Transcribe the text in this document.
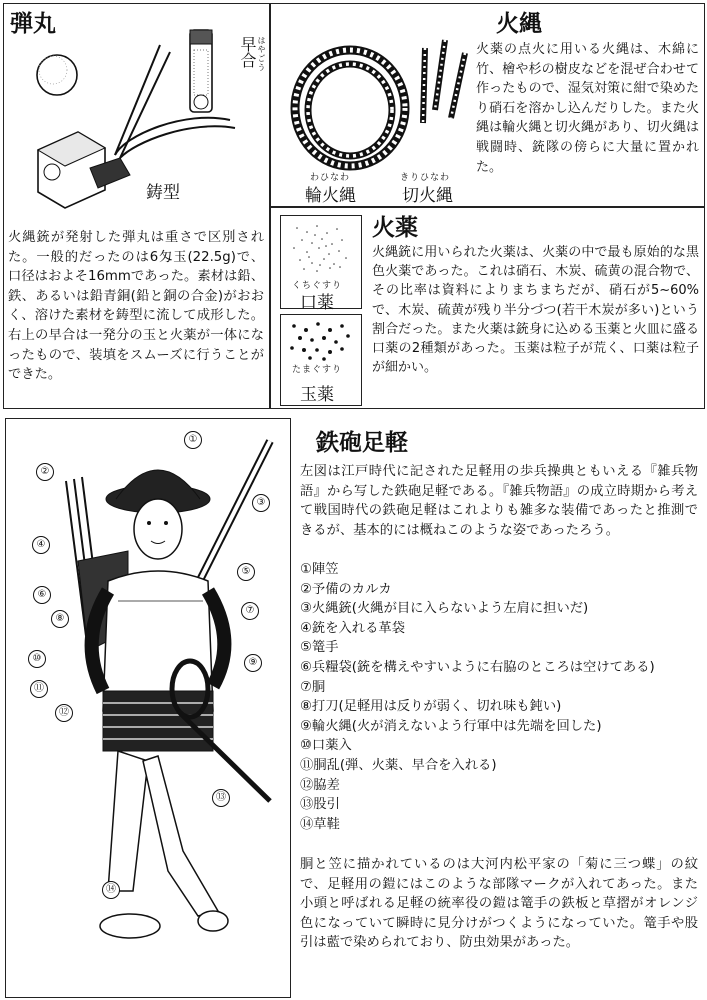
弾丸
早合 はやごう
鋳型
火縄銃が発射した弾丸は重さで区別された。一般的だったのは6匁玉(22.5g)で、口径はおよそ16mmであった。素材は鉛、鉄、あるいは鉛青銅(鉛と銅の合金)がおおく、溶けた素材を鋳型に流して成形した。右上の早合は一発分の玉と火薬が一体になったもので、装填をスムーズに行うことができた。
火縄
わひなわ
輪火縄
きりひなわ
切火縄
火薬の点火に用いる火縄は、木綿に竹、檜や杉の樹皮などを混ぜ合わせて作ったもので、湿気対策に紺で染めたり硝石を溶かし込んだりした。また火縄は輪火縄と切火縄があり、切火縄は戦闘時、銃隊の傍らに大量に置かれた。
くちぐすり
口薬
たまぐすり
玉薬
火薬
火縄銃に用いられた火薬は、火薬の中で最も原始的な黒色火薬であった。これは硝石、木炭、硫黄の混合物で、その比率は資料によりまちまちだが、硝石が5~60%で、木炭、硫黄が残り半分づつ(若干木炭が多い)という割合だった。また火薬は銃身に込める玉薬と火皿に盛る口薬の2種類があった。玉薬は粒子が荒く、口薬は粒子が細かい。
①
②
③
④
⑤
⑥
⑦
⑧
⑨
⑩
⑪
⑫
⑬
⑭
鉄砲足軽
左図は江戸時代に記された足軽用の歩兵操典ともいえる『雑兵物語』から写した鉄砲足軽である。『雑兵物語』の成立時期から考えて戦国時代の鉄砲足軽はこれよりも雑多な装備であったと推測できるが、基本的には概ねこのような姿であったろう。
①陣笠
②予備のカルカ
③火縄銃(火縄が目に入らないよう左肩に担いだ)
④銃を入れる革袋
⑤篭手
⑥兵糧袋(銃を構えやすいように右脇のところは空けてある)
⑦胴
⑧打刀(足軽用は反りが弱く、切れ味も鈍い)
⑨輪火縄(火が消えないよう行軍中は先端を回した)
⑩口薬入
⑪胴乱(弾、火薬、早合を入れる)
⑫脇差
⑬股引
⑭草鞋
胴と笠に描かれているのは大河内松平家の「菊に三つ蝶」の紋で、足軽用の鎧にはこのような部隊マークが入れてあった。また小頭と呼ばれる足軽の統率役の鎧は篭手の鉄板と草摺がオレンジ色になっていて瞬時に見分けがつくようになっていた。篭手や股引は藍で染められており、防虫効果があった。
